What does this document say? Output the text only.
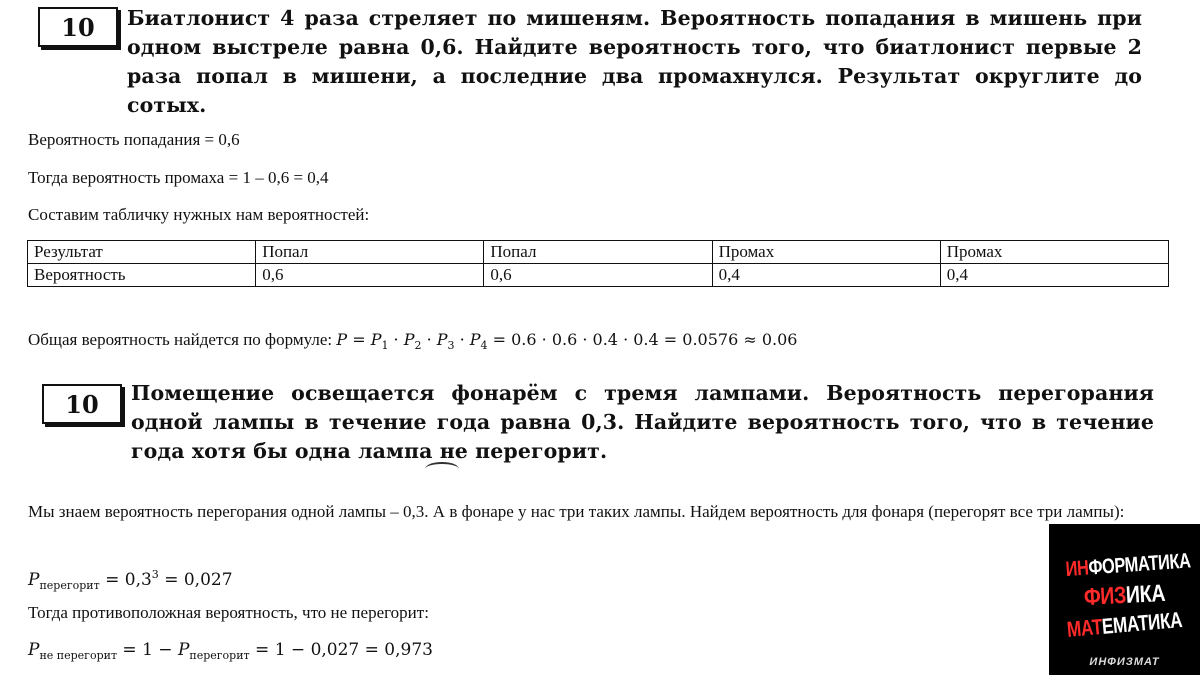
10	Биатлонист 4 раза стреляет по мишеням. Вероятность попадания в мишень при одном выстреле равна 0,6. Найдите вероятность того, что биатлонист первые 2 раза попал в мишени, а последние два промахнулся. Результат округлите до сотых.
Вероятность попадания = 0,6
Тогда вероятность промаха = 1 – 0,6 = 0,4
Составим табличку нужных нам вероятностей:
Результат	Попал	Попал	Промах	Промах
Вероятность	0,6	0,6	0,4	0,4
Общая вероятность найдется по формуле: $P = P_1 \cdot P_2 \cdot P_3 \cdot P_4 = 0.6 \cdot 0.6 \cdot 0.4 \cdot 0.4 = 0.0576 \approx 0.06$
10	Помещение освещается фонарём с тремя лампами. Вероятность перегорания одной лампы в течение года равна 0,3. Найдите вероятность того, что в течение года хотя бы одна лампа не перегорит.
Мы знаем вероятность перегорания одной лампы – 0,3. А в фонаре у нас три таких лампы. Найдем вероятность для фонаря (перегорят все три лампы):
$P_{перегорит} = 0,3^3 = 0,027$
Тогда противоположная вероятность, что не перегорит:
$P_{не перегорит} = 1 - P_{перегорит} = 1 - 0,027 = 0,973$
ИНФОРМАТИКА
ФИЗИКА
МАТЕМАТИКА
ИНФИЗМАТ
